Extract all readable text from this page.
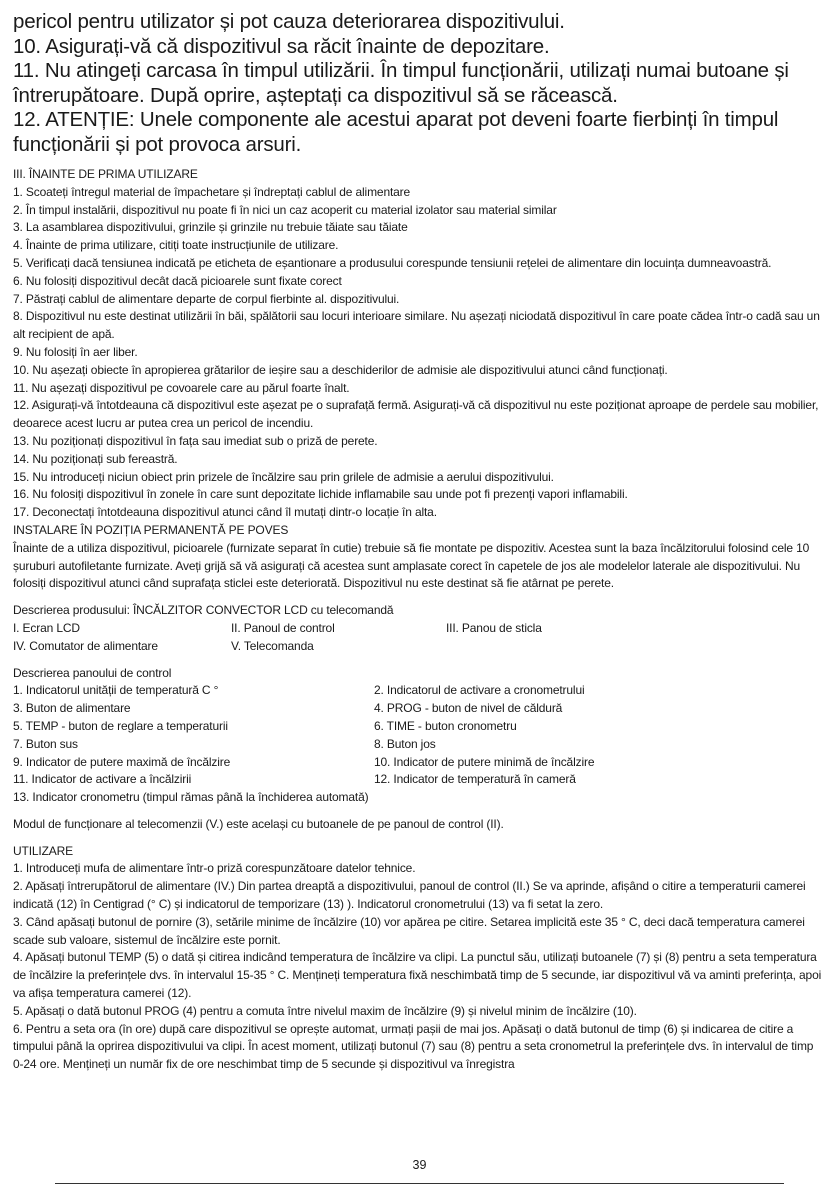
pericol pentru utilizator și pot cauza deteriorarea dispozitivului.

10. Asigurați-vă că dispozitivul sa răcit înainte de depozitare.

11. Nu atingeți carcasa în timpul utilizării. În timpul funcționării, utilizați numai butoane și întrerupătoare. După oprire, așteptați ca dispozitivul să se răcească.

12. ATENȚIE: Unele componente ale acestui aparat pot deveni foarte fierbinți în timpul funcționării și pot provoca arsuri.

III. ÎNAINTE DE PRIMA UTILIZARE

1. Scoateți întregul material de împachetare și îndreptați cablul de alimentare

2. În timpul instalării, dispozitivul nu poate fi în nici un caz acoperit cu material izolator sau material similar

3. La asamblarea dispozitivului, grinzile și grinzile nu trebuie tăiate sau tăiate

4. Înainte de prima utilizare, citiți toate instrucțiunile de utilizare.

5. Verificați dacă tensiunea indicată pe eticheta de eșantionare a produsului corespunde tensiunii rețelei de alimentare din locuința dumneavoastră.

6. Nu folosiți dispozitivul decât dacă picioarele sunt fixate corect

7. Păstrați cablul de alimentare departe de corpul fierbinte al. dispozitivului.

8. Dispozitivul nu este destinat utilizării în băi, spălătorii sau locuri interioare similare. Nu așezați niciodată dispozitivul în care poate cădea într-o cadă sau un alt recipient de apă.

9. Nu folosiți în aer liber.

10. Nu așezați obiecte în apropierea grătarilor de ieșire sau a deschiderilor de admisie ale dispozitivului atunci când funcționați.

11. Nu așezați dispozitivul pe covoarele care au părul foarte înalt.

12. Asigurați-vă întotdeauna că dispozitivul este așezat pe o suprafață fermă. Asigurați-vă că dispozitivul nu este poziționat aproape de perdele sau mobilier, deoarece acest lucru ar putea crea un pericol de incendiu.

13. Nu poziționați dispozitivul în fața sau imediat sub o priză de perete.

14. Nu poziționați sub fereastră.

15. Nu introduceți niciun obiect prin prizele de încălzire sau prin grilele de admisie a aerului dispozitivului.

16. Nu folosiți dispozitivul în zonele în care sunt depozitate lichide inflamabile sau unde pot fi prezenți vapori inflamabili.

17. Deconectați întotdeauna dispozitivul atunci când îl mutați dintr-o locație în alta.

INSTALARE ÎN POZIȚIA PERMANENTĂ PE POVES

Înainte de a utiliza dispozitivul, picioarele (furnizate separat în cutie) trebuie să fie montate pe dispozitiv. Acestea sunt la baza încălzitorului folosind cele 10 șuruburi autofiletante furnizate. Aveți grijă să vă asigurați că acestea sunt amplasate corect în capetele de jos ale modelelor laterale ale dispozitivului. Nu folosiți dispozitivul atunci când suprafața sticlei este deteriorată. Dispozitivul nu este destinat să fie atârnat pe perete.

Descrierea produsului: ÎNCĂLZITOR CONVECTOR LCD cu telecomandă

I. Ecran LCD	II. Panoul de control	III. Panou de sticla
IV. Comutator de alimentare	V. Telecomanda

Descrierea panoului de control

1. Indicatorul unității de temperatură C °	2. Indicatorul de activare a cronometrului
3. Buton de alimentare	4. PROG - buton de nivel de căldură
5. TEMP - buton de reglare a temperaturii	6. TIME - buton cronometru
7. Buton sus	8. Buton jos
9. Indicator de putere maximă de încălzire	10. Indicator de putere minimă de încălzire
11. Indicator de activare a încălzirii	12. Indicator de temperatură în cameră

13. Indicator cronometru (timpul rămas până la închiderea automată)

Modul de funcționare al telecomenzii (V.) este același cu butoanele de pe panoul de control (II).

UTILIZARE

1. Introduceți mufa de alimentare într-o priză corespunzătoare datelor tehnice.

2. Apăsați întrerupătorul de alimentare (IV.) Din partea dreaptă a dispozitivului, panoul de control (II.) Se va aprinde, afișând o citire a temperaturii camerei indicată (12) în Centigrad (° C) și indicatorul de temporizare (13) ). Indicatorul cronometrului (13) va fi setat la zero.

3. Când apăsați butonul de pornire (3), setările minime de încălzire (10) vor apărea pe citire. Setarea implicită este 35 ° C, deci dacă temperatura camerei scade sub valoare, sistemul de încălzire este pornit.

4. Apăsați butonul TEMP (5) o dată și citirea indicând temperatura de încălzire va clipi. La punctul său, utilizați butoanele (7) și (8) pentru a seta temperatura de încălzire la preferințele dvs. în intervalul 15-35 ° C. Mențineți temperatura fixă neschimbată timp de 5 secunde, iar dispozitivul vă va aminti preferința, apoi va afișa temperatura camerei (12).

5. Apăsați o dată butonul PROG (4) pentru a comuta între nivelul maxim de încălzire (9) și nivelul minim de încălzire (10).

6. Pentru a seta ora (în ore) după care dispozitivul se oprește automat, urmați pașii de mai jos. Apăsați o dată butonul de timp (6) și indicarea de citire a timpului până la oprirea dispozitivului va clipi. În acest moment, utilizați butonul (7) sau (8) pentru a seta cronometrul la preferințele dvs. în intervalul de timp 0-24 ore. Mențineți un număr fix de ore neschimbat timp de 5 secunde și dispozitivul va înregistra

39
